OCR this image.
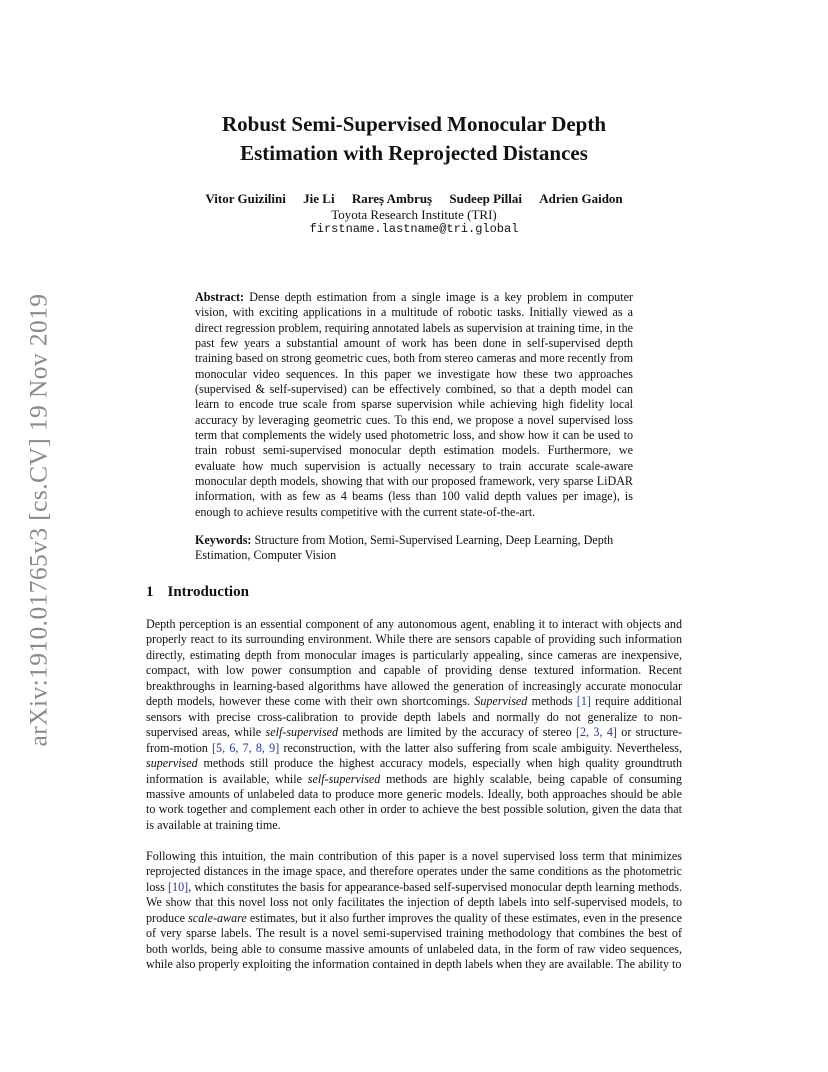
arXiv:1910.01765v3 [cs.CV] 19 Nov 2019
Robust Semi-Supervised Monocular Depth
Estimation with Reprojected Distances
Vitor Guizilini Jie Li Rareș Ambruș Sudeep Pillai Adrien Gaidon
Toyota Research Institute (TRI)
firstname.lastname@tri.global

Abstract: Dense depth estimation from a single image is a key problem in computer vision, with exciting applications in a multitude of robotic tasks. Initially viewed as a direct regression problem, requiring annotated labels as supervision at training time, in the past few years a substantial amount of work has been done in self-supervised depth training based on strong geometric cues, both from stereo cameras and more recently from monocular video sequences. In this paper we investigate how these two approaches (supervised & self-supervised) can be effectively combined, so that a depth model can learn to encode true scale from sparse supervision while achieving high fidelity local accuracy by leveraging geometric cues. To this end, we propose a novel supervised loss term that complements the widely used photometric loss, and show how it can be used to train robust semi-supervised monocular depth estimation models. Furthermore, we evaluate how much supervision is actually necessary to train accurate scale-aware monocular depth models, showing that with our proposed framework, very sparse LiDAR information, with as few as 4 beams (less than 100 valid depth values per image), is enough to achieve results competitive with the current state-of-the-art.

Keywords: Structure from Motion, Semi-Supervised Learning, Deep Learning, Depth Estimation, Computer Vision

1 Introduction

Depth perception is an essential component of any autonomous agent, enabling it to interact with objects and properly react to its surrounding environment. While there are sensors capable of providing such information directly, estimating depth from monocular images is particularly appealing, since cameras are inexpensive, compact, with low power consumption and capable of providing dense textured information. Recent breakthroughs in learning-based algorithms have allowed the generation of increasingly accurate monocular depth models, however these come with their own shortcomings. Supervised methods [1] require additional sensors with precise cross-calibration to provide depth labels and normally do not generalize to non-supervised areas, while self-supervised methods are limited by the accuracy of stereo [2, 3, 4] or structure-from-motion [5, 6, 7, 8, 9] reconstruction, with the latter also suffering from scale ambiguity. Nevertheless, supervised methods still produce the highest accuracy models, especially when high quality groundtruth information is available, while self-supervised methods are highly scalable, being capable of consuming massive amounts of unlabeled data to produce more generic models. Ideally, both approaches should be able to work together and complement each other in order to achieve the best possible solution, given the data that is available at training time.

Following this intuition, the main contribution of this paper is a novel supervised loss term that minimizes reprojected distances in the image space, and therefore operates under the same conditions as the photometric loss [10], which constitutes the basis for appearance-based self-supervised monocular depth learning methods. We show that this novel loss not only facilitates the injection of depth labels into self-supervised models, to produce scale-aware estimates, but it also further improves the quality of these estimates, even in the presence of very sparse labels. The result is a novel semi-supervised training methodology that combines the best of both worlds, being able to consume massive amounts of unlabeled data, in the form of raw video sequences, while also properly exploiting the information contained in depth labels when they are available. The ability to
